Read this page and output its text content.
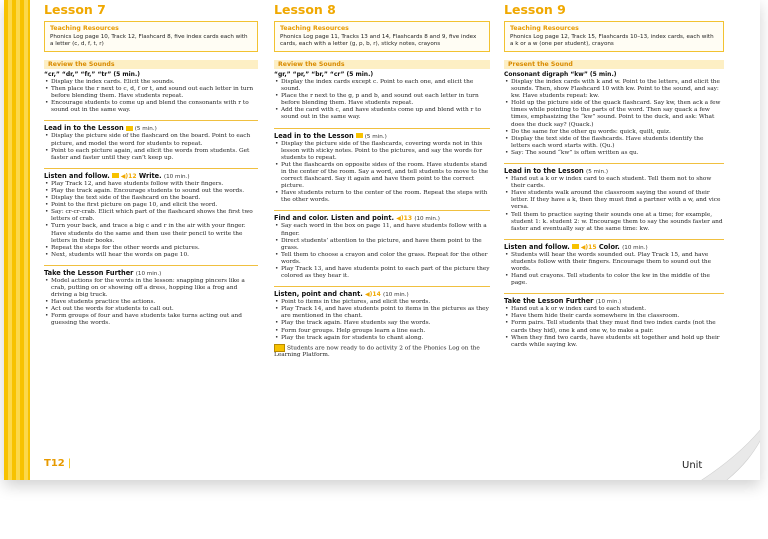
Lesson 7
Teaching Resources
Phonics Log page 10, Track 12, Flashcard 8, five index cards each with a letter (c, d, f, t, r)
Review the Sounds
“cr,” “dr,” “fr,” “tr” (5 min.)
• Display the index cards. Elicit the sounds.
• Then place the r next to c, d, f or t, and sound out each letter in turn before blending them. Have students repeat.
• Encourage students to come up and blend the consonants with r to sound out in the same way.
Lead in to the Lesson (5 min.)
• Display the picture side of the flashcard on the board. Point to each picture, and model the word for students to repeat.
• Point to each picture again, and elicit the words from students. Get faster and faster until they can’t keep up.
Listen and follow. ◀)12 Write. (10 min.)
• Play Track 12, and have students follow with their fingers.
• Play the track again. Encourage students to sound out the words.
• Display the text side of the flashcard on the board.
• Point to the first picture on page 10, and elicit the word.
• Say: cr-cr-crab. Elicit which part of the flashcard shows the first two letters of crab.
• Turn your back, and trace a big c and r in the air with your finger. Have students do the same and then use their pencil to write the letters in their books.
• Repeat the steps for the other words and pictures.
• Next, students will hear the words on page 10.
Take the Lesson Further (10 min.)
• Model actions for the words in the lesson: snapping pincers like a crab, putting on or showing off a dress, hopping like a frog and driving a big truck.
• Have students practice the actions.
• Act out the words for students to call out.
• Form groups of four and have students take turns acting out and guessing the words.
Lesson 8
Teaching Resources
Phonics Log page 11, Tracks 13 and 14, Flashcards 8 and 9, five index cards, each with a letter (g, p, b, r), sticky notes, crayons
Review the Sounds
“gr,” “pr,” “br,” “cr” (5 min.)
• Display the index cards except c. Point to each one, and elicit the sound.
• Place the r next to the g, p and b, and sound out each letter in turn before blending them. Have students repeat.
• Add the card with c, and have students come up and blend with r to sound out in the same way.
Lead in to the Lesson (5 min.)
• Display the picture side of the flashcards, covering words not in this lesson with sticky notes. Point to the pictures, and say the words for students to repeat.
• Put the flashcards on opposite sides of the room. Have students stand in the center of the room. Say a word, and tell students to move to the correct flashcard. Say it again and have them point to the correct picture.
• Have students return to the center of the room. Repeat the steps with the other words.
Find and color. Listen and point. ◀)13 (10 min.)
• Say each word in the box on page 11, and have students follow with a finger.
• Direct students’ attention to the picture, and have them point to the grass.
• Tell them to choose a crayon and color the grass. Repeat for the other words.
• Play Track 13, and have students point to each part of the picture they colored as they hear it.
Listen, point and chant. ◀)14 (10 min.)
• Point to items in the pictures, and elicit the words.
• Play Track 14, and have students point to items in the pictures as they are mentioned in the chant.
• Play the track again. Have students say the words.
• Form four groups. Help groups learn a line each.
• Play the track again for students to chant along.
Students are now ready to do activity 2 of the Phonics Log on the Learning Platform.
Lesson 9
Teaching Resources
Phonics Log page 12, Track 15, Flashcards 10–13, index cards, each with a k or a w (one per student), crayons
Present the Sound
Consonant digraph “kw” (5 min.)
• Display the index cards with k and w. Point to the letters, and elicit the sounds. Then, show Flashcard 10 with kw. Point to the sound, and say: kw. Have students repeat: kw.
• Hold up the picture side of the quack flashcard. Say kw, then ack a few times while pointing to the parts of the word. Then say quack a few times, emphasizing the “kw” sound. Point to the duck, and ask: What does the duck say? (Quack.)
• Do the same for the other qu words: quick, quilt, quiz.
• Display the text side of the flashcards. Have students identify the letters each word starts with. (Qu.)
• Say: The sound “kw” is often written as qu.
Lead in to the Lesson (5 min.)
• Hand out a k or w index card to each student. Tell them not to show their cards.
• Have students walk around the classroom saying the sound of their letter. If they have a k, then they must find a partner with a w, and vice versa.
• Tell them to practice saying their sounds one at a time; for example, student 1: k. student 2: w. Encourage them to say the sounds faster and faster and eventually say at the same time: kw.
Listen and follow. ◀)15 Color. (10 min.)
• Students will hear the words sounded out. Play Track 15, and have students follow with their fingers. Encourage them to sound out the words.
• Hand out crayons. Tell students to color the kw in the middle of the page.
Take the Lesson Further (10 min.)
• Hand out a k or w index card to each student.
• Have them hide their cards somewhere in the classroom.
• Form pairs. Tell students that they must find two index cards (not the cards they hid), one k and one w, to make a pair.
• When they find two cards, have students sit together and hold up their cards while saying kw.
T12 |	Unit
